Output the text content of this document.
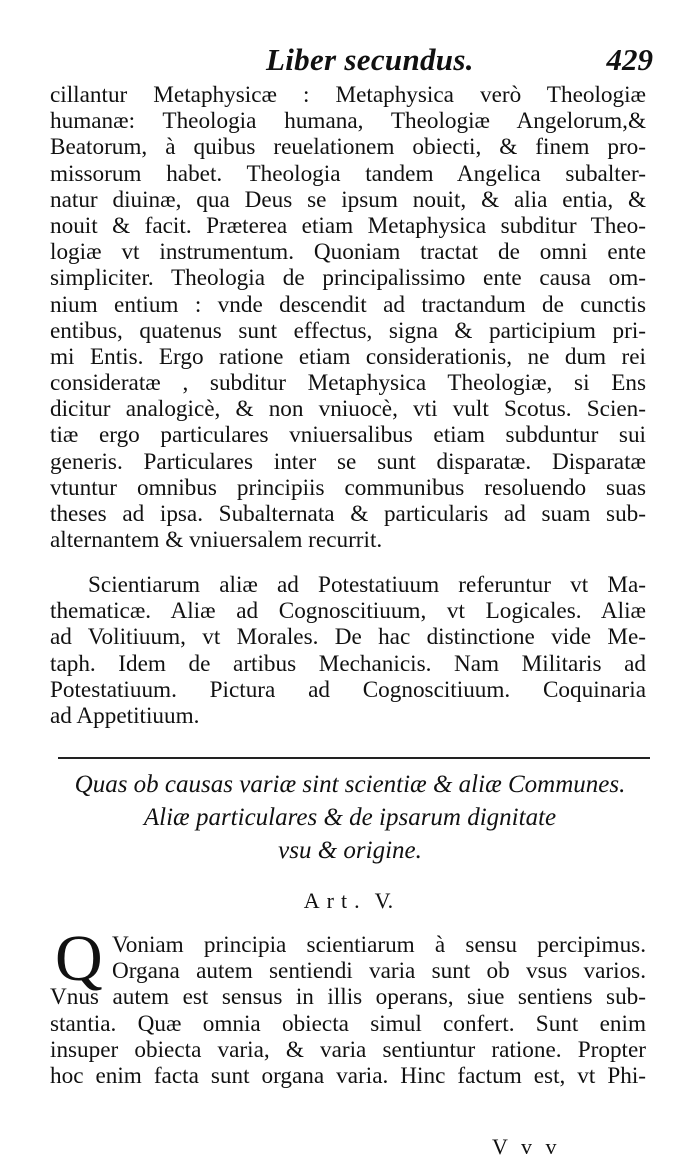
Liber secundus.	429
cillantur Metaphysicæ : Metaphysica verò Theologiæ
humanæ: Theologia humana, Theologiæ Angelorum,&
Beatorum, à quibus reuelationem obiecti, & finem pro-
missorum habet. Theologia tandem Angelica subalter-
natur diuinæ, qua Deus se ipsum nouit, & alia entia, &
nouit & facit. Præterea etiam Metaphysica subditur Theo-
logiæ vt instrumentum. Quoniam tractat de omni ente
simpliciter. Theologia de principalissimo ente causa om-
nium entium : vnde descendit ad tractandum de cunctis
entibus, quatenus sunt effectus, signa & participium pri-
mi Entis. Ergo ratione etiam considerationis, ne dum rei
consideratæ , subditur Metaphysica Theologiæ, si Ens
dicitur analogicè, & non vniuocè, vti vult Scotus. Scien-
tiæ ergo particulares vniuersalibus etiam subduntur sui
generis. Particulares inter se sunt disparatæ. Disparatæ
vtuntur omnibus principiis communibus resoluendo suas
theses ad ipsa. Subalternata & particularis ad suam sub-
alternantem & vniuersalem recurrit.
Scientiarum aliæ ad Potestatiuum referuntur vt Ma-
thematicæ. Aliæ ad Cognoscitiuum, vt Logicales. Aliæ
ad Volitiuum, vt Morales. De hac distinctione vide Me-
taph. Idem de artibus Mechanicis. Nam Militaris ad
Potestatiuum. Pictura ad Cognoscitiuum. Coquinaria
ad Appetitiuum.
Quas ob causas variæ sint scientiæ & aliæ Communes.
Aliæ particulares & de ipsarum dignitate
vsu & origine.
Art. V.
Q Voniam principia scientiarum à sensu percipimus.
Organa autem sentiendi varia sunt ob vsus varios.
Vnus autem est sensus in illis operans, siue sentiens sub-
stantia. Quæ omnia obiecta simul confert. Sunt enim
insuper obiecta varia, & varia sentiuntur ratione. Propter
hoc enim facta sunt organa varia. Hinc factum est, vt Phi-
V v v
